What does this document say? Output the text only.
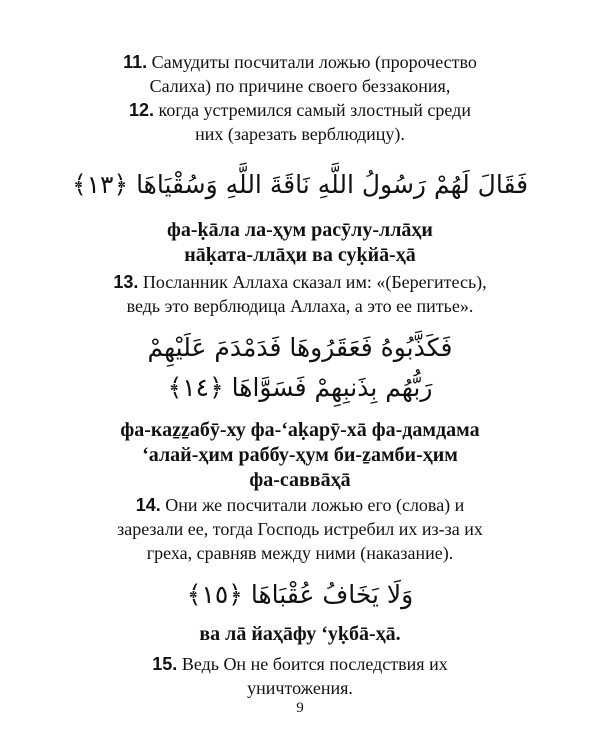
11. Самудиты посчитали ложью (пророчество
Салиха) по причине своего беззакония,
12. когда устремился самый злостный среди
них (зарезать верблюдицу).
فَقَالَ لَهُمْ رَسُولُ اللَّهِ نَاقَةَ اللَّهِ وَسُقْيَاهَا ﴿١٣﴾
фа-ḳāла ла-ҳум расӯлу-ллāҳи
нāḳата-ллāҳи ва суḳйā-ҳā
13. Посланник Аллаха сказал им: «(Берегитесь),
ведь это верблюдица Аллаха, а это ее питье».
فَكَذَّبُوهُ فَعَقَرُوهَا فَدَمْدَمَ عَلَيْهِمْ
رَبُّهُم بِذَنبِهِمْ فَسَوَّاهَا ﴿١٤﴾
фа-каẕẕабӯ-ху фа-ʻаḳарӯ-хā фа-дамдама
ʻалай-ҳим раббу-ҳум би-ẕамби-ҳим
фа-саввāҳā
14. Они же посчитали ложью его (слова) и
зарезали ее, тогда Господь истребил их из-за их
греха, сравняв между ними (наказание).
وَلَا يَخَافُ عُقْبَاهَا ﴿١٥﴾
ва лā йаҳāфу ʻуḳбā-ҳā.
15. Ведь Он не боится последствия их
уничтожения.
9
